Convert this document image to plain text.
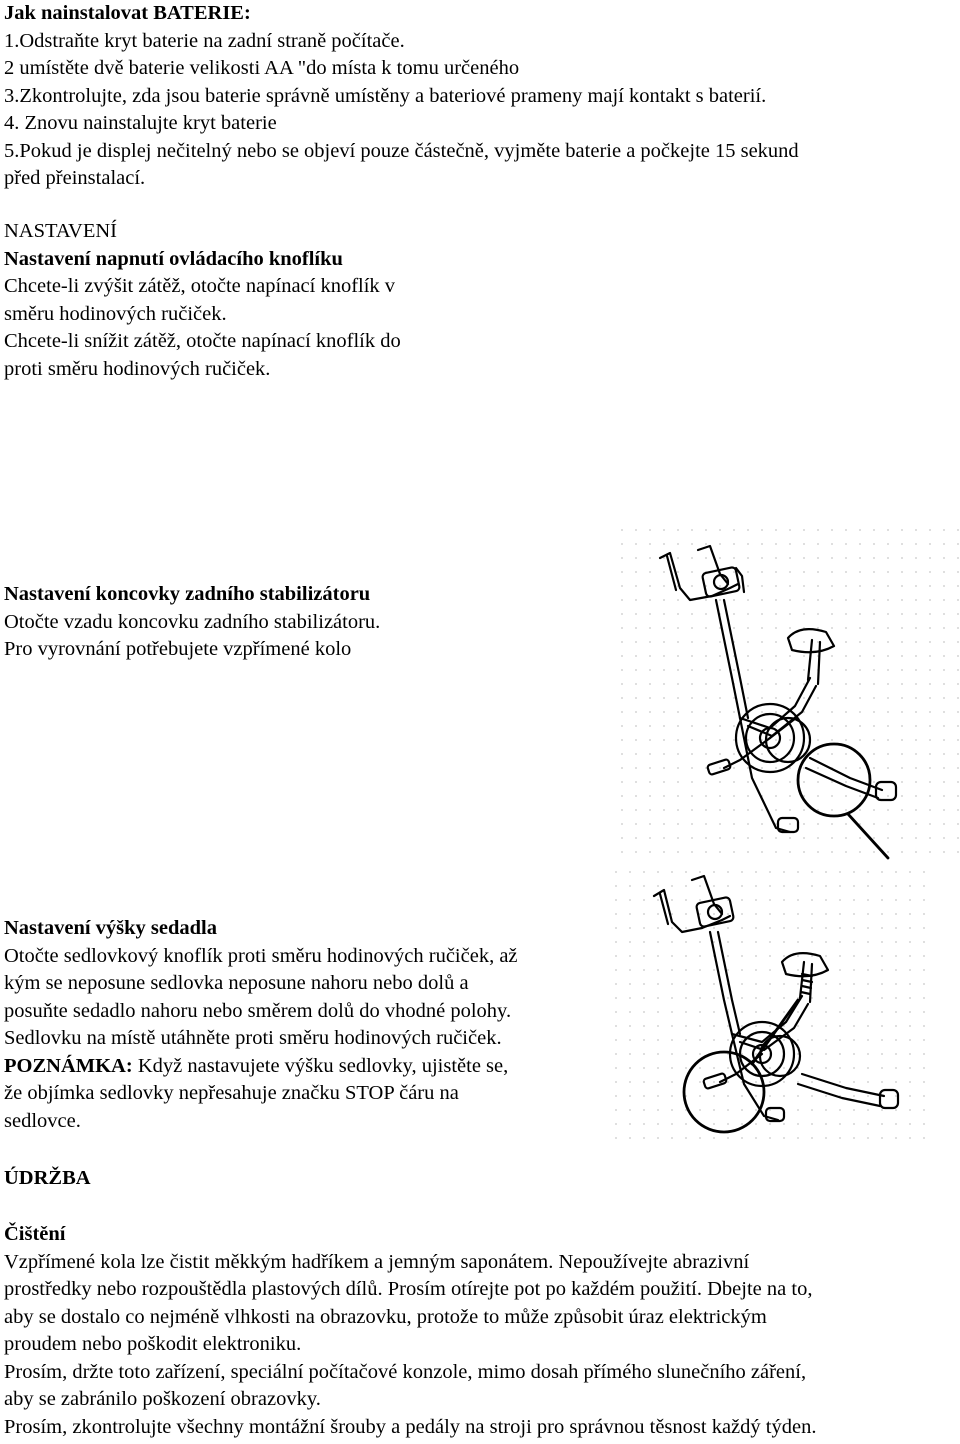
Jak nainstalovat BATERIE:
1.Odstraňte kryt baterie na zadní straně počítače.
2 umístěte dvě baterie velikosti AA "do místa k tomu určeného
3.Zkontrolujte, zda jsou baterie správně umístěny a bateriové prameny mají kontakt s baterií.
4. Znovu nainstalujte kryt baterie
5.Pokud je displej nečitelný nebo se objeví pouze částečně, vyjměte baterie a počkejte 15 sekund
před přeinstalací.
NASTAVENÍ
Nastavení napnutí ovládacího knoflíku
Chcete-li zvýšit zátěž, otočte napínací knoflík v
směru hodinových ručiček.
Chcete-li snížit zátěž, otočte napínací knoflík do
proti směru hodinových ručiček.
Nastavení koncovky zadního stabilizátoru
Otočte vzadu koncovku zadního stabilizátoru.
Pro vyrovnání potřebujete vzpřímené kolo
Nastavení výšky sedadla
Otočte sedlovkový knoflík proti směru hodinových ručiček, až
kým se neposune sedlovka neposune nahoru nebo dolů a
posuňte sedadlo nahoru nebo směrem dolů do vhodné polohy.
Sedlovku na místě utáhněte proti směru hodinových ručiček.
POZNÁMKA: Když nastavujete výšku sedlovky, ujistěte se,
že objímka sedlovky nepřesahuje značku STOP čáru na
sedlovce.
ÚDRŽBA
Čištění
Vzpřímené kola lze čistit měkkým hadříkem a jemným saponátem. Nepoužívejte abrazivní
prostředky nebo rozpouštědla plastových dílů. Prosím otírejte pot po každém použití. Dbejte na to,
aby se dostalo co nejméně vlhkosti na obrazovku, protože to může způsobit úraz elektrickým
proudem nebo poškodit elektroniku.
Prosím, držte toto zařízení, speciální počítačové konzole, mimo dosah přímého slunečního záření,
aby se zabránilo poškození obrazovky.
Prosím, zkontrolujte všechny montážní šrouby a pedály na stroji pro správnou těsnost každý týden.
